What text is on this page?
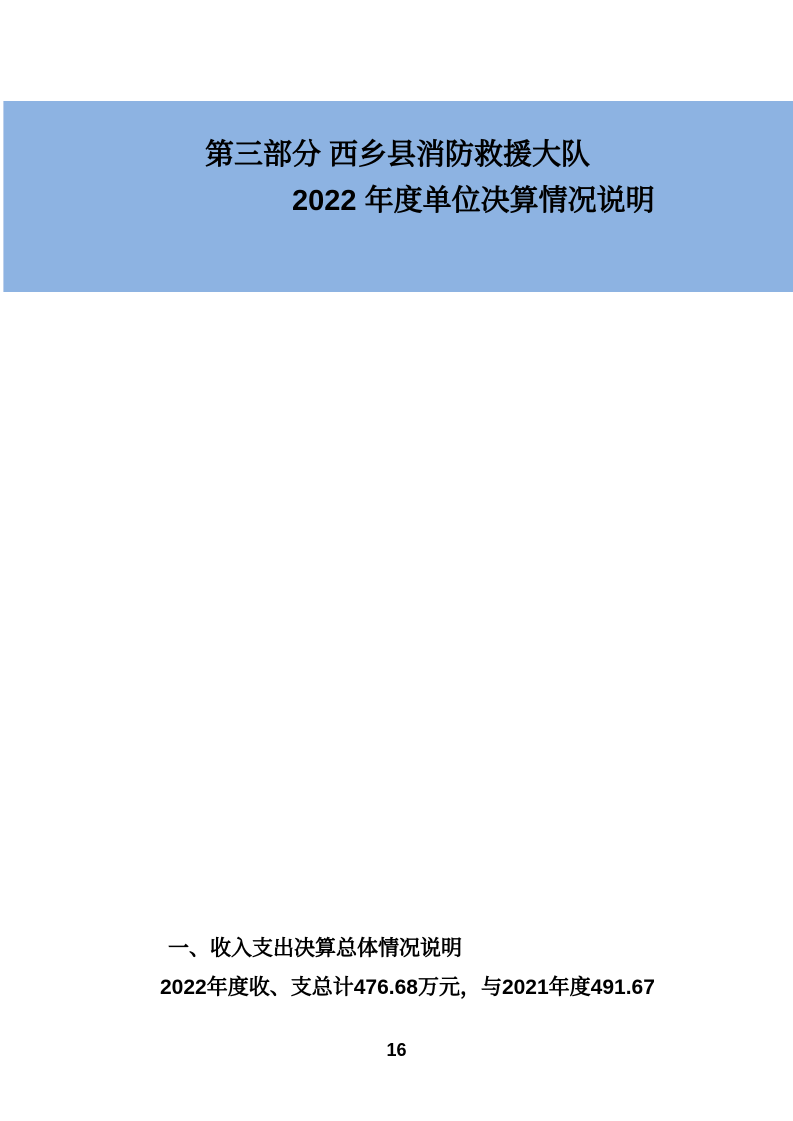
第三部分 西乡县消防救援大队
2022 年度单位决算情况说明
一、收入支出决算总体情况说明
2022年度收、支总计476.68万元，与2021年度491.67
16
